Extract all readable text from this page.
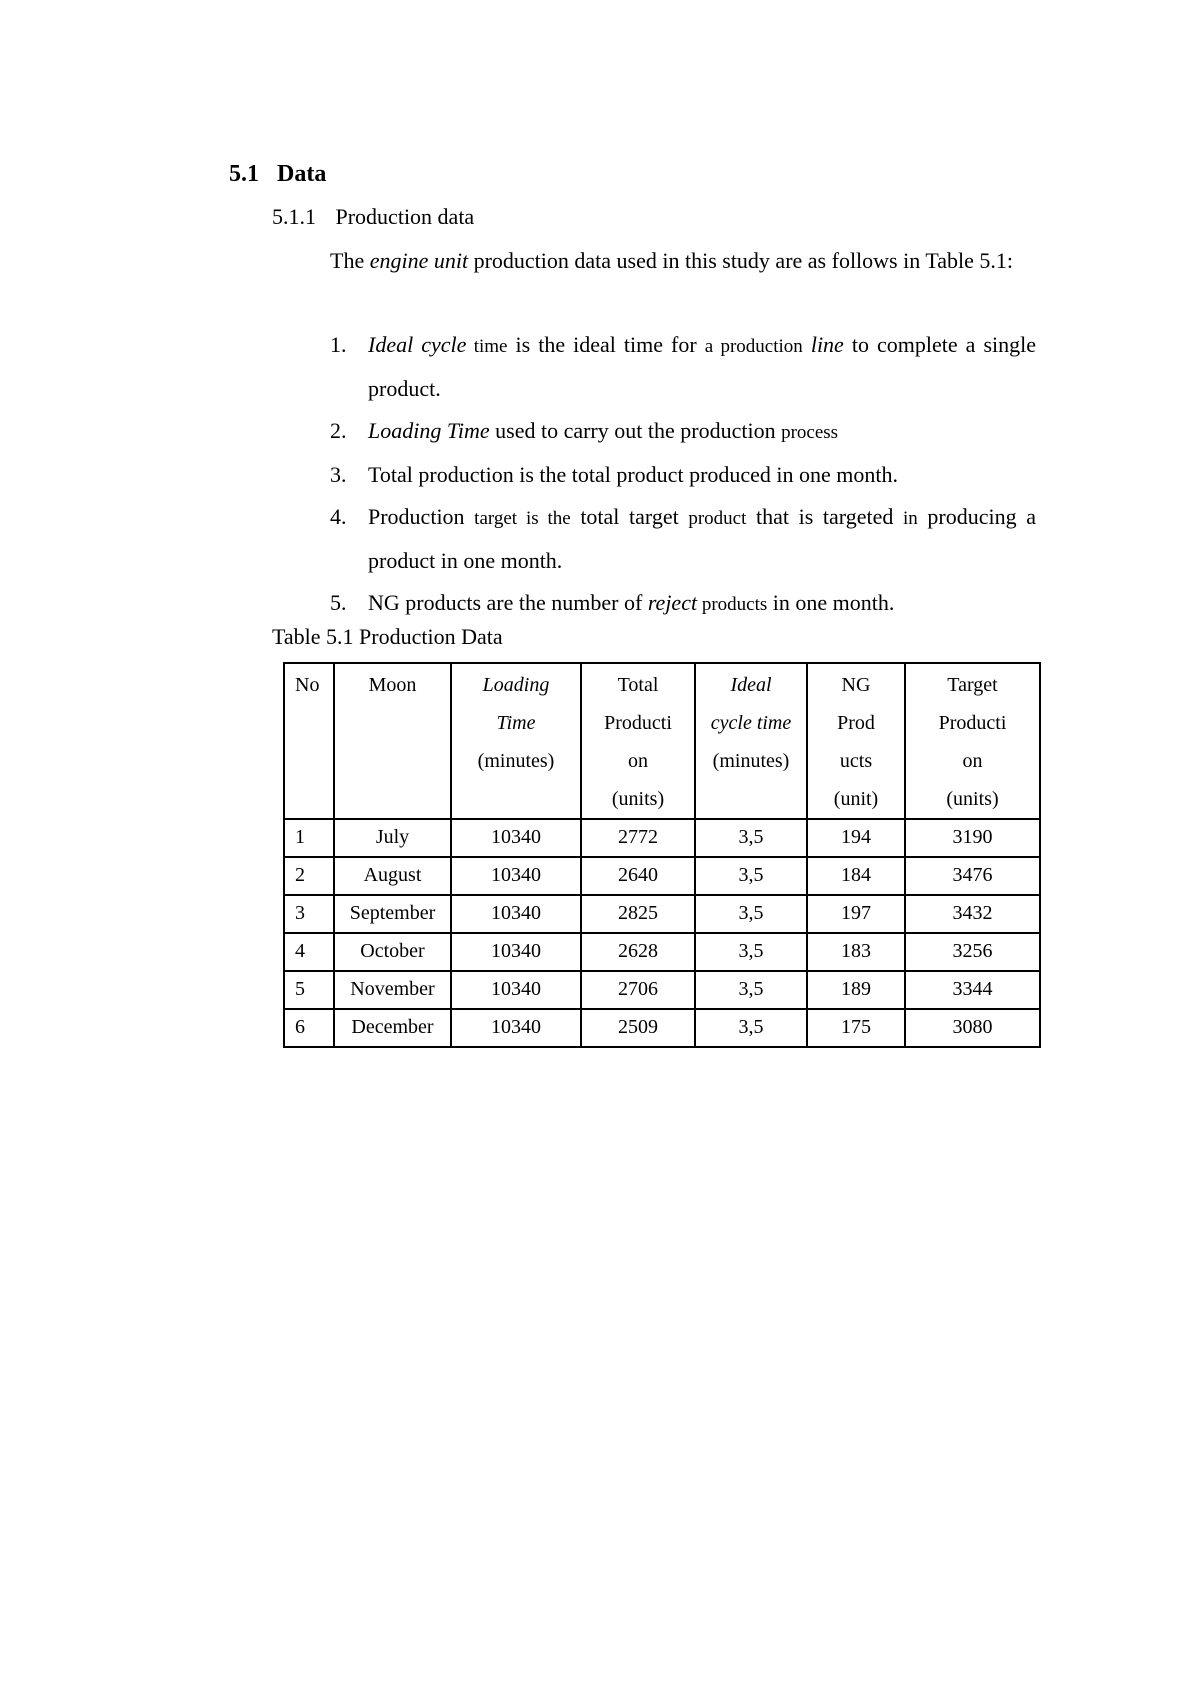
5.1 Data
5.1.1 Production data

The engine unit production data used in this study are as follows in Table 5.1:

1. Ideal cycle time is the ideal time for a production line to complete a single product.
2. Loading Time used to carry out the production process
3. Total production is the total product produced in one month.
4. Production target is the total target product that is targeted in producing a product in one month.
5. NG products are the number of reject products in one month.
Table 5.1 Production Data
No	Moon	Loading
Time
(minutes)	Total
Producti
on
(units)	Ideal
cycle time
(minutes)	NG
Prod
ucts
(unit)	Target
Producti
on
(units)

1	July	10340	2772	3,5	194	3190
2	August	10340	2640	3,5	184	3476
3	September	10340	2825	3,5	197	3432
4	October	10340	2628	3,5	183	3256
5	November	10340	2706	3,5	189	3344
6	December	10340	2509	3,5	175	3080
